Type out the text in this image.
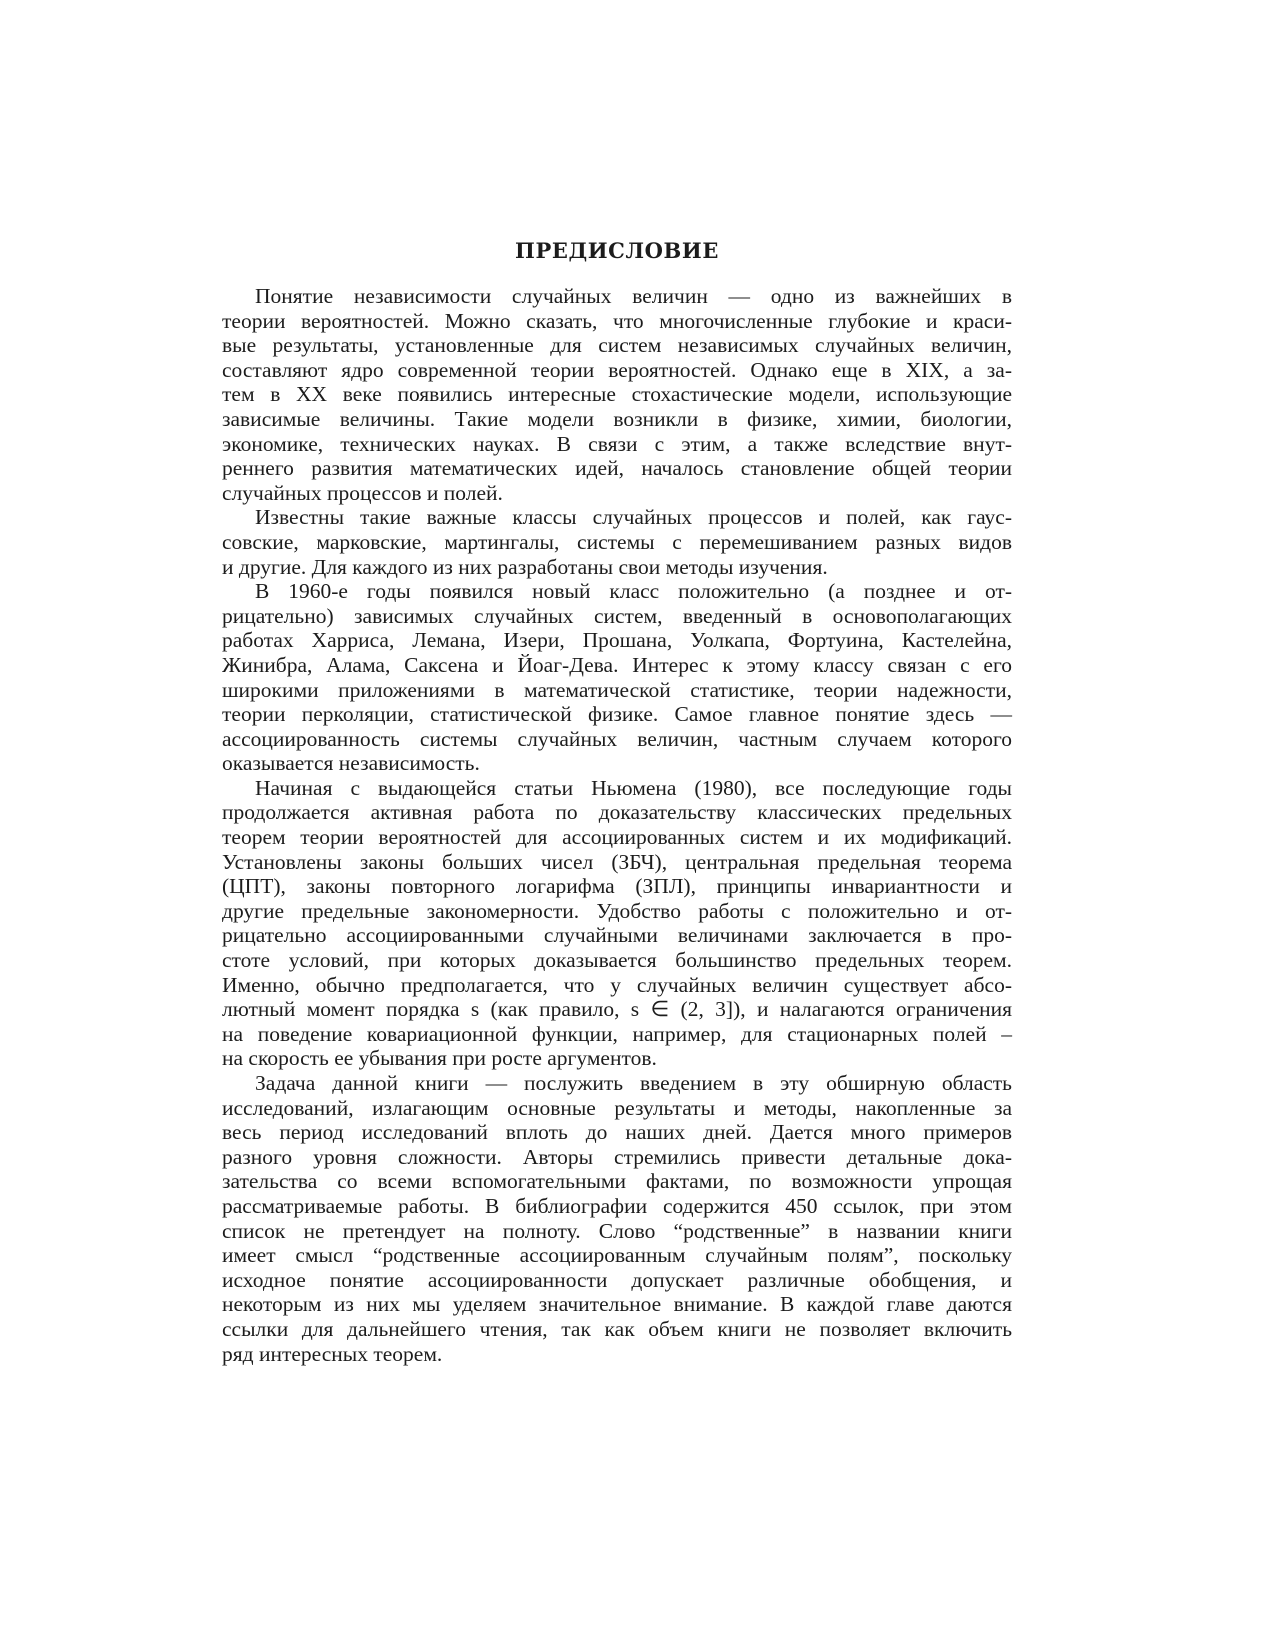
ПРЕДИСЛОВИЕ

Понятие независимости случайных величин — одно из важнейших в
теории вероятностей. Можно сказать, что многочисленные глубокие и краси-
вые результаты, установленные для систем независимых случайных величин,
составляют ядро современной теории вероятностей. Однако еще в XIX, а за-
тем в XX веке появились интересные стохастические модели, использующие
зависимые величины. Такие модели возникли в физике, химии, биологии,
экономике, технических науках. В связи с этим, а также вследствие внут-
реннего развития математических идей, началось становление общей теории
случайных процессов и полей.

Известны такие важные классы случайных процессов и полей, как гаус-
совские, марковские, мартингалы, системы с перемешиванием разных видов
и другие. Для каждого из них разработаны свои методы изучения.

В 1960-е годы появился новый класс положительно (а позднее и от-
рицательно) зависимых случайных систем, введенный в основополагающих
работах Харриса, Лемана, Изери, Прошана, Уолкапа, Фортуина, Кастелейна,
Жинибра, Алама, Саксена и Йоаг-Дева. Интерес к этому классу связан с его
широкими приложениями в математической статистике, теории надежности,
теории перколяции, статистической физике. Самое главное понятие здесь —
ассоциированность системы случайных величин, частным случаем которого
оказывается независимость.

Начиная с выдающейся статьи Ньюмена (1980), все последующие годы
продолжается активная работа по доказательству классических предельных
теорем теории вероятностей для ассоциированных систем и их модификаций.
Установлены законы больших чисел (ЗБЧ), центральная предельная теорема
(ЦПТ), законы повторного логарифма (ЗПЛ), принципы инвариантности и
другие предельные закономерности. Удобство работы с положительно и от-
рицательно ассоциированными случайными величинами заключается в про-
стоте условий, при которых доказывается большинство предельных теорем.
Именно, обычно предполагается, что у случайных величин существует абсо-
лютный момент порядка s (как правило, s ∈ (2, 3]), и налагаются ограничения
на поведение ковариационной функции, например, для стационарных полей –
на скорость ее убывания при росте аргументов.

Задача данной книги — послужить введением в эту обширную область
исследований, излагающим основные результаты и методы, накопленные за
весь период исследований вплоть до наших дней. Дается много примеров
разного уровня сложности. Авторы стремились привести детальные дока-
зательства со всеми вспомогательными фактами, по возможности упрощая
рассматриваемые работы. В библиографии содержится 450 ссылок, при этом
список не претендует на полноту. Слово “родственные” в названии книги
имеет смысл “родственные ассоциированным случайным полям”, поскольку
исходное понятие ассоциированности допускает различные обобщения, и
некоторым из них мы уделяем значительное внимание. В каждой главе даются
ссылки для дальнейшего чтения, так как объем книги не позволяет включить
ряд интересных теорем.
